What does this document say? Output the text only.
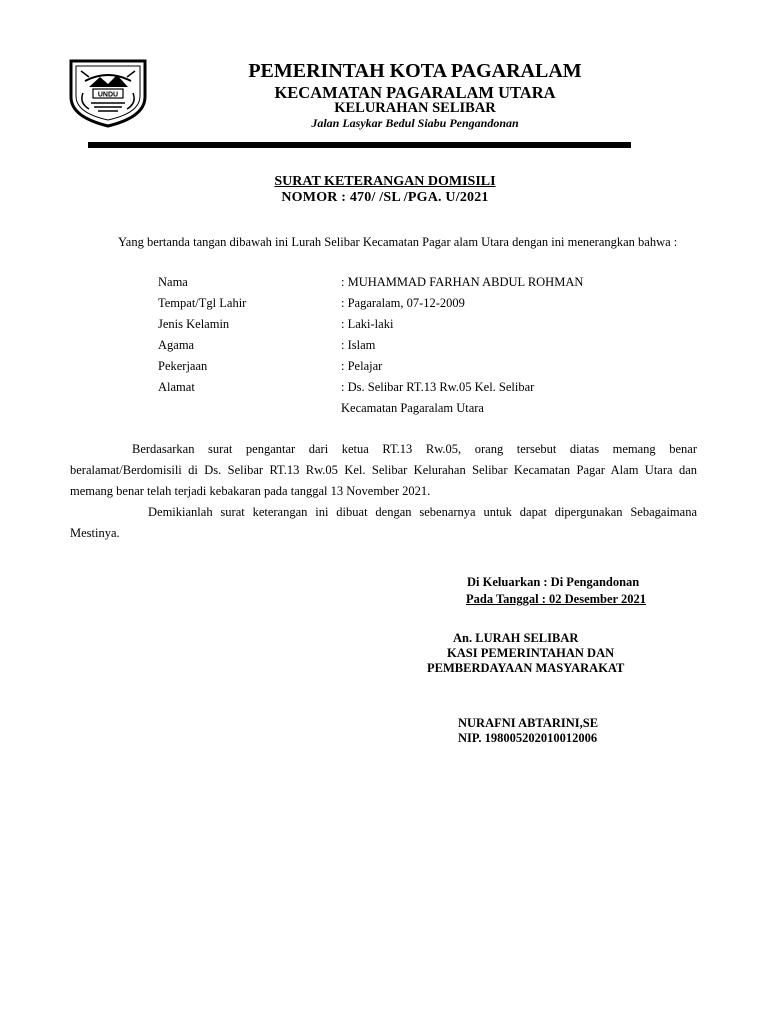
UNDU
PEMERINTAH KOTA PAGARALAM
KECAMATAN PAGARALAM UTARA
KELURAHAN SELIBAR
Jalan Lasykar Bedul Siabu Pengandonan
SURAT KETERANGAN DOMISILI
NOMOR : 470/ /SL /PGA. U/2021
Yang bertanda tangan dibawah ini Lurah Selibar Kecamatan Pagar alam Utara dengan ini menerangkan bahwa :
Nama	: MUHAMMAD FARHAN ABDUL ROHMAN
Tempat/Tgl Lahir	: Pagaralam, 07-12-2009
Jenis Kelamin	: Laki-laki
Agama	: Islam
Pekerjaan	: Pelajar
Alamat	: Ds. Selibar RT.13 Rw.05 Kel. Selibar
Kecamatan Pagaralam Utara
Berdasarkan surat pengantar dari ketua RT.13 Rw.05, orang tersebut diatas memang benar beralamat/Berdomisili di Ds. Selibar RT.13 Rw.05 Kel. Selibar Kelurahan Selibar Kecamatan Pagar Alam Utara dan memang benar telah terjadi kebakaran pada tanggal 13 November 2021.
Demikianlah surat keterangan ini dibuat dengan sebenarnya untuk dapat dipergunakan Sebagaimana Mestinya.
Di Keluarkan : Di Pengandonan
Pada Tanggal : 02 Desember 2021
An. LURAH SELIBAR
KASI PEMERINTAHAN DAN
PEMBERDAYAAN MASYARAKAT
NURAFNI ABTARINI,SE
NIP. 198005202010012006
